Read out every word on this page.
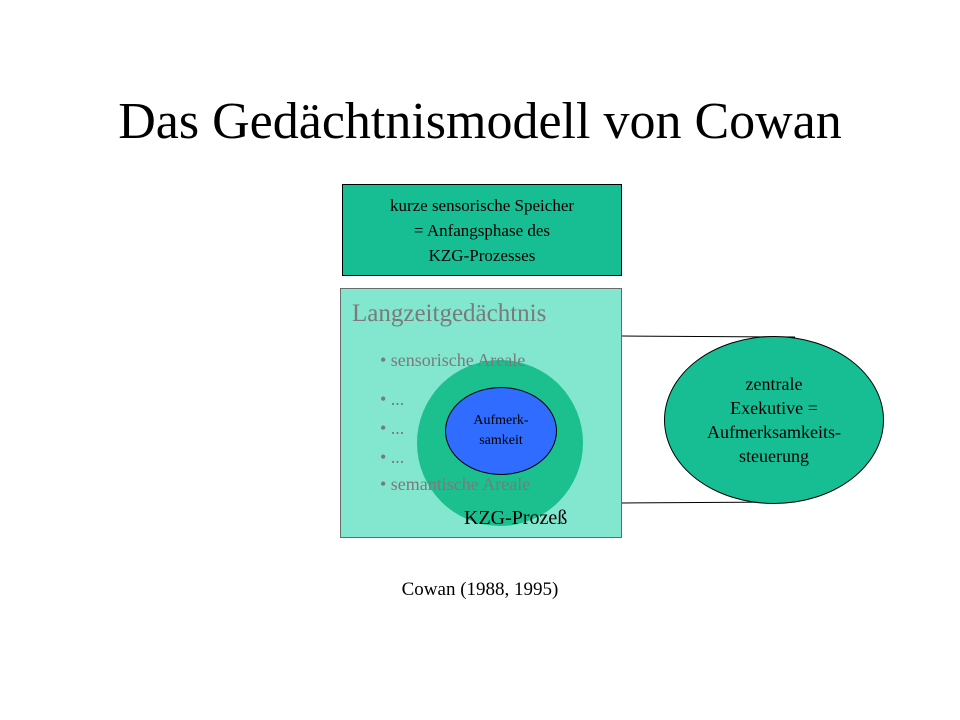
Das Gedächtnismodell von Cowan
kurze sensorische Speicher
= Anfangsphase des
KZG-Prozesses
Langzeitgedächtnis
• sensorische Areale
• ...
• ...
• ...
• semantische Areale
Aufmerk-
samkeit
KZG-Prozeß
zentrale
Exekutive =
Aufmerksamkeits-
steuerung
Cowan (1988, 1995)
